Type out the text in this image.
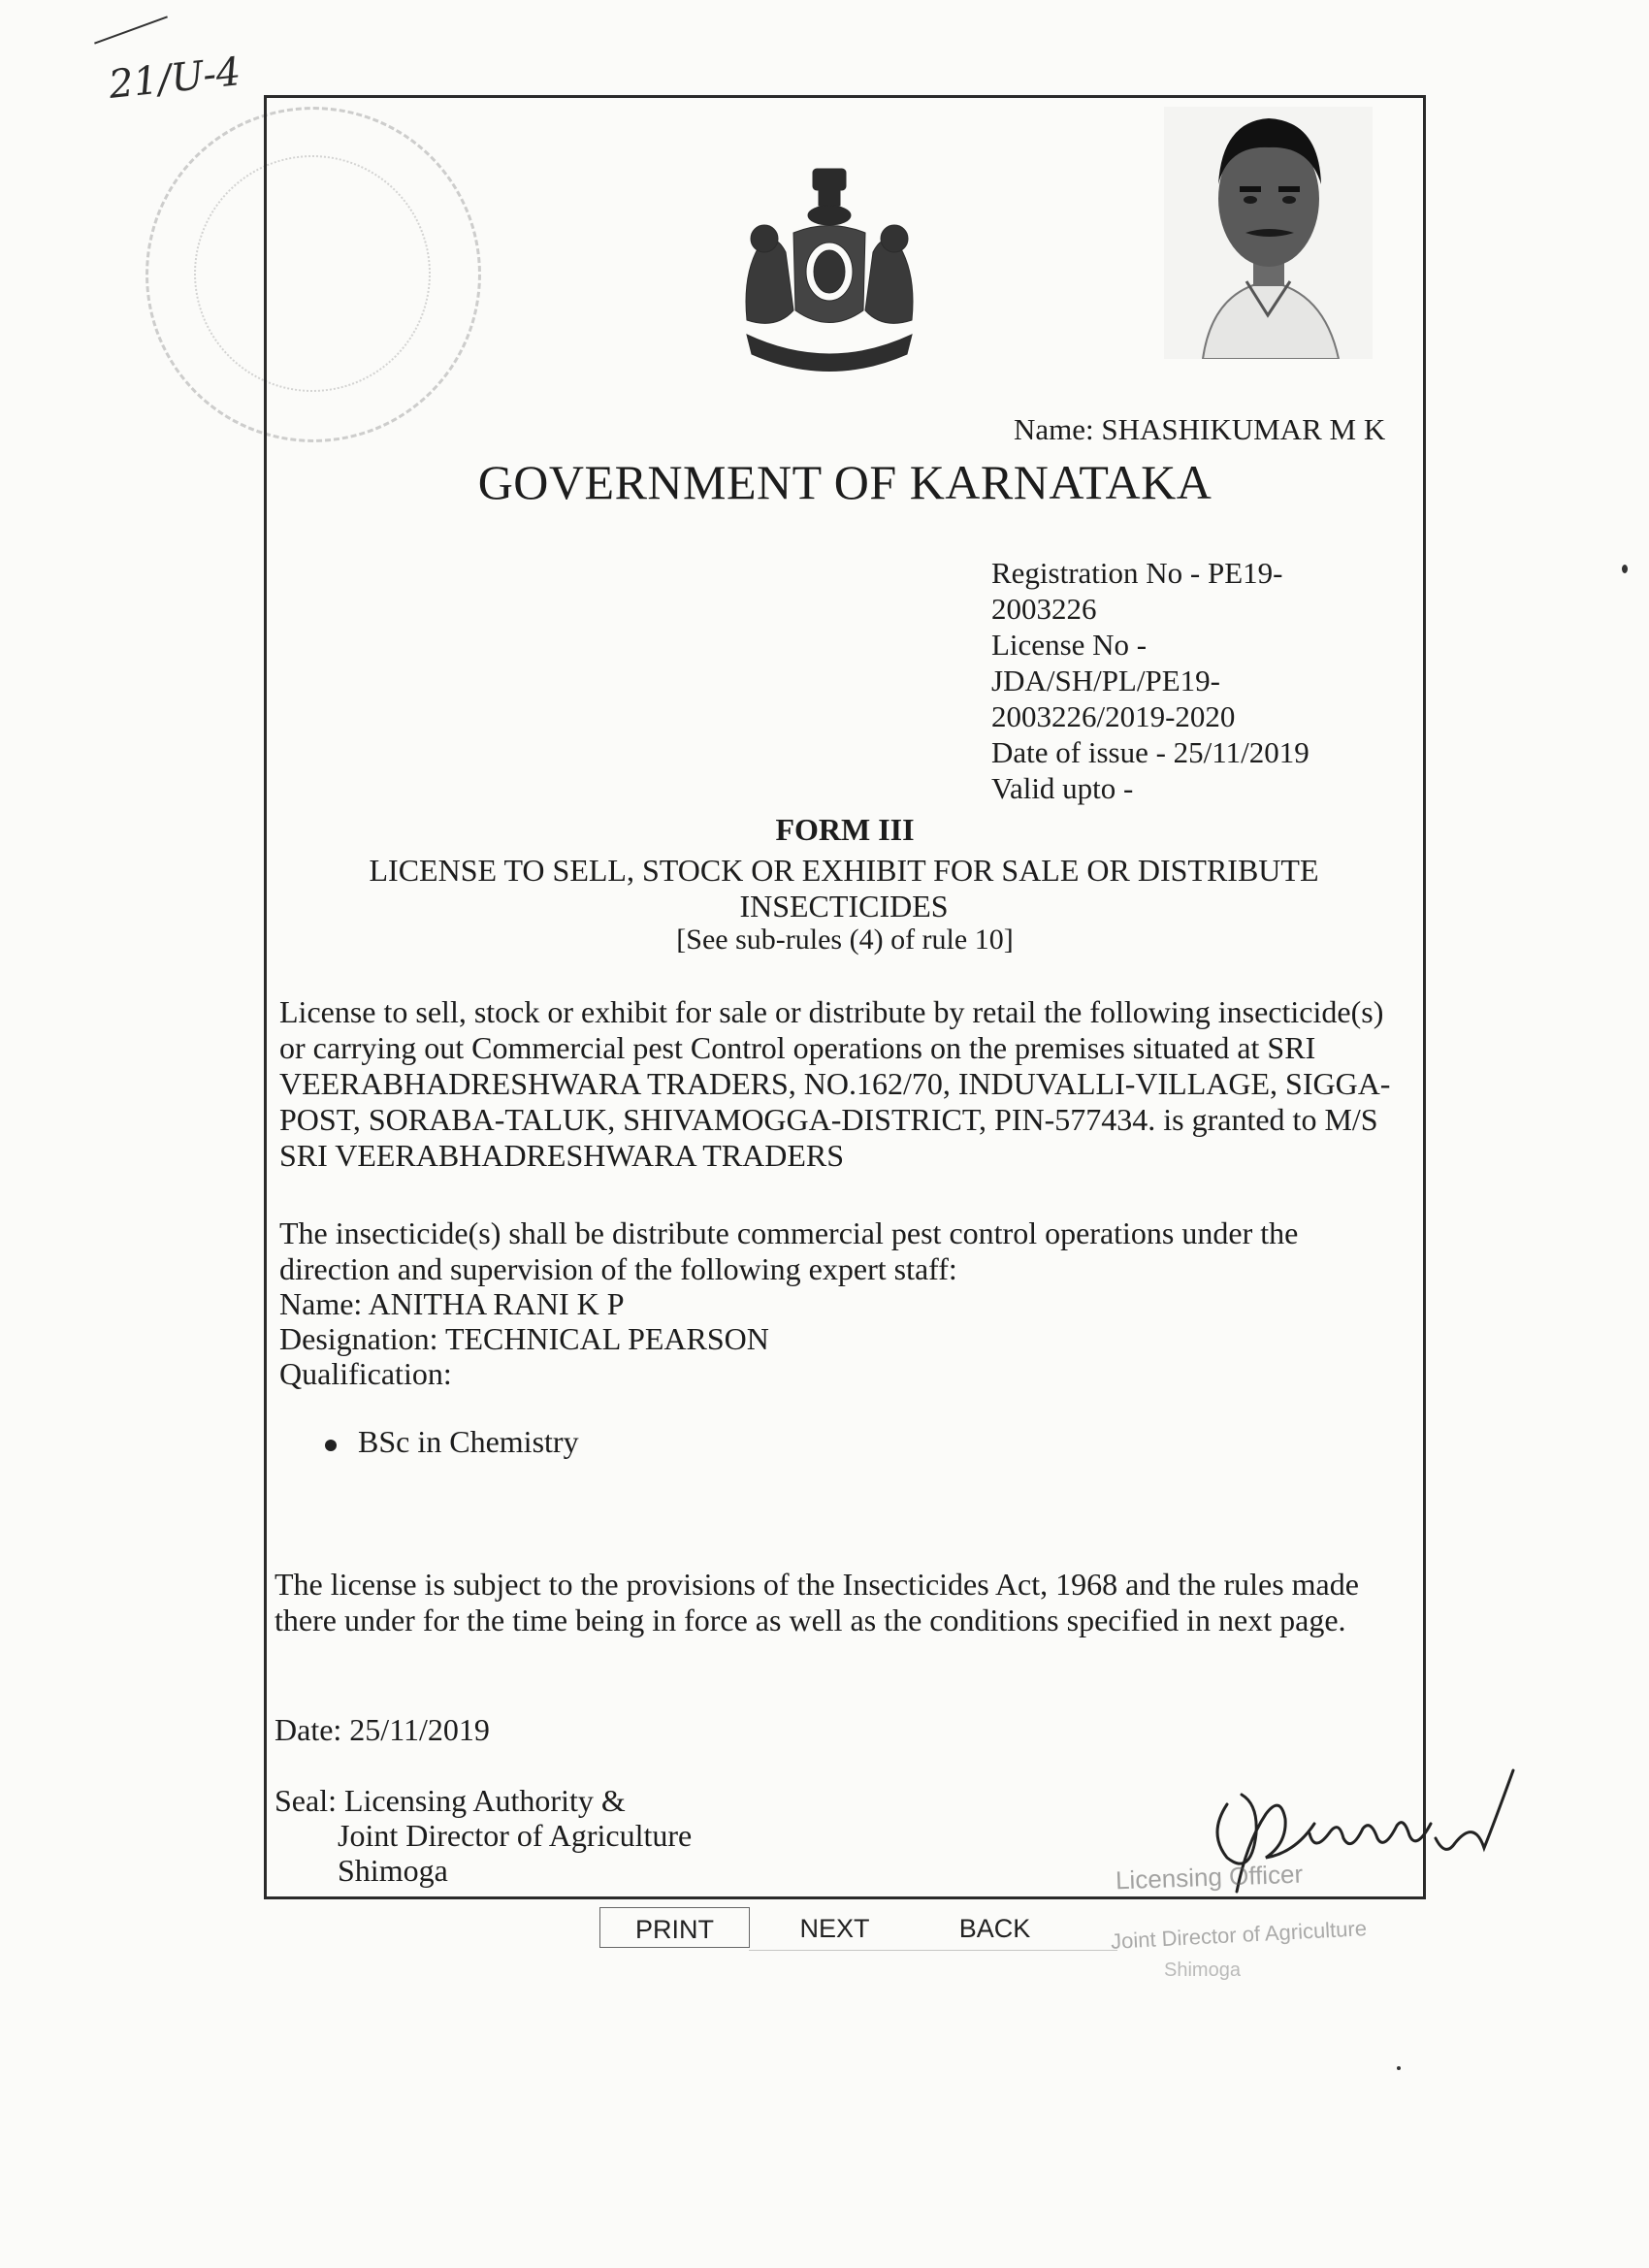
21/U-4
Name: SHASHIKUMAR M K
GOVERNMENT OF KARNATAKA
Registration No - PE19-
2003226
License No -
JDA/SH/PL/PE19-
2003226/2019-2020
Date of issue - 25/11/2019
Valid upto -
FORM III
LICENSE TO SELL, STOCK OR EXHIBIT FOR SALE OR DISTRIBUTE INSECTICIDES
[See sub-rules (4) of rule 10]
License to sell, stock or exhibit for sale or distribute by retail the following insecticide(s) or carrying out Commercial pest Control operations on the premises situated at SRI VEERABHADRESHWARA TRADERS, NO.162/70, INDUVALLI-VILLAGE, SIGGA-POST, SORABA-TALUK, SHIVAMOGGA-DISTRICT, PIN-577434. is granted to M/S SRI VEERABHADRESHWARA TRADERS
The insecticide(s) shall be distribute commercial pest control operations under the direction and supervision of the following expert staff:
Name: ANITHA RANI K P
Designation: TECHNICAL PEARSON
Qualification:
BSc in Chemistry
The license is subject to the provisions of the Insecticides Act, 1968 and the rules made there under for the time being in force as well as the conditions specified in next page.
Date: 25/11/2019
Seal: Licensing Authority &
Joint Director of Agriculture
Shimoga	Licensing Officer
Joint Director of Agriculture
Shimoga
PRINT	NEXT	BACK
